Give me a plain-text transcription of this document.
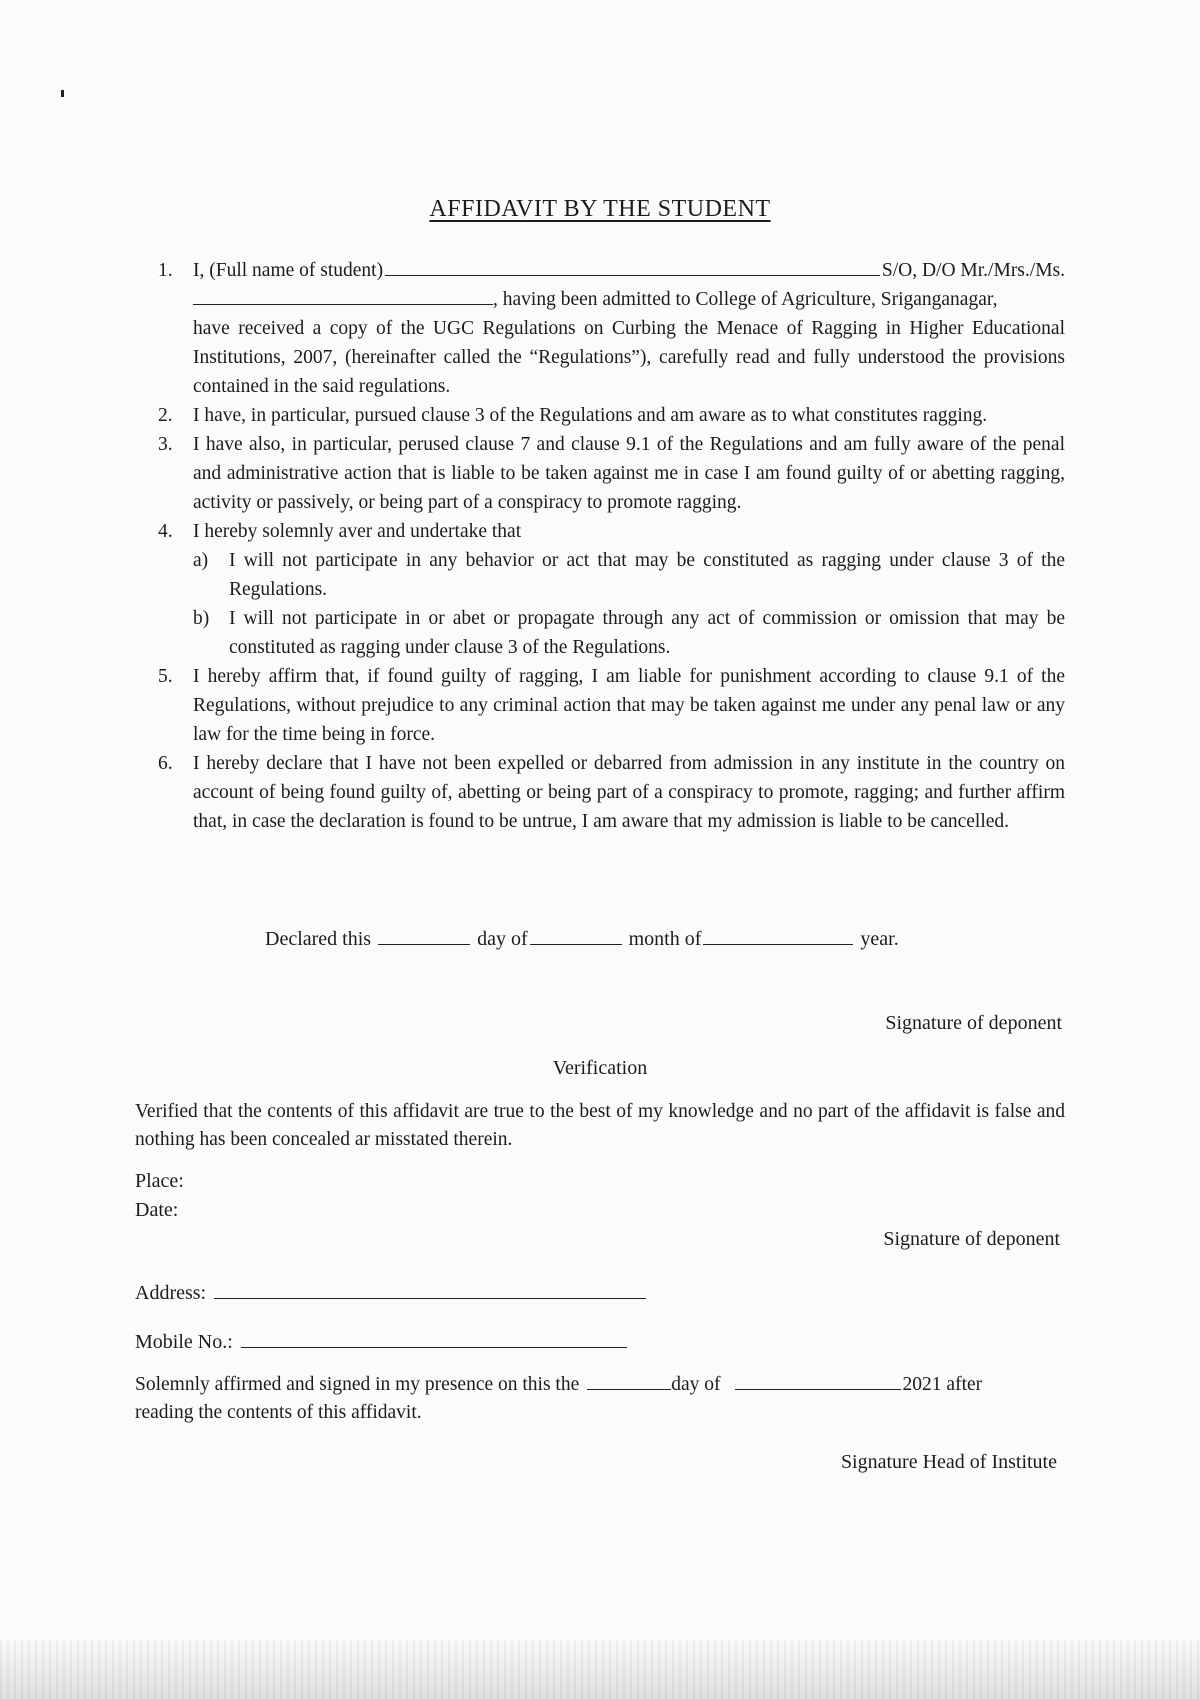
AFFIDAVIT BY THE STUDENT
1. I, (Full name of student)	S/O, D/O Mr./Mrs./Ms.
, having been admitted to College of Agriculture, Sriganganagar,
have received a copy of the UGC Regulations on Curbing the Menace of Ragging in Higher Educational Institutions, 2007, (hereinafter called the “Regulations”), carefully read and fully understood the provisions contained in the said regulations.
2. I have, in particular, pursued clause 3 of the Regulations and am aware as to what constitutes ragging.
3. I have also, in particular, perused clause 7 and clause 9.1 of the Regulations and am fully aware of the penal and administrative action that is liable to be taken against me in case I am found guilty of or abetting ragging, activity or passively, or being part of a conspiracy to promote ragging.
4. I hereby solemnly aver and undertake that
a) I will not participate in any behavior or act that may be constituted as ragging under clause 3 of the Regulations.
b) I will not participate in or abet or propagate through any act of commission or omission that may be constituted as ragging under clause 3 of the Regulations.
5. I hereby affirm that, if found guilty of ragging, I am liable for punishment according to clause 9.1 of the Regulations, without prejudice to any criminal action that may be taken against me under any penal law or any law for the time being in force.
6. I hereby declare that I have not been expelled or debarred from admission in any institute in the country on account of being found guilty of, abetting or being part of a conspiracy to promote, ragging; and further affirm that, in case the declaration is found to be untrue, I am aware that my admission is liable to be cancelled.
Declared this	day of	month of	year.
Signature of deponent
Verification
Verified that the contents of this affidavit are true to the best of my knowledge and no part of the affidavit is false and nothing has been concealed ar misstated therein.
Place:
Date:
Signature of deponent
Address:
Mobile No.:
Solemnly affirmed and signed in my presence on this the	day of	2021 after
reading the contents of this affidavit.
Signature Head of Institute
